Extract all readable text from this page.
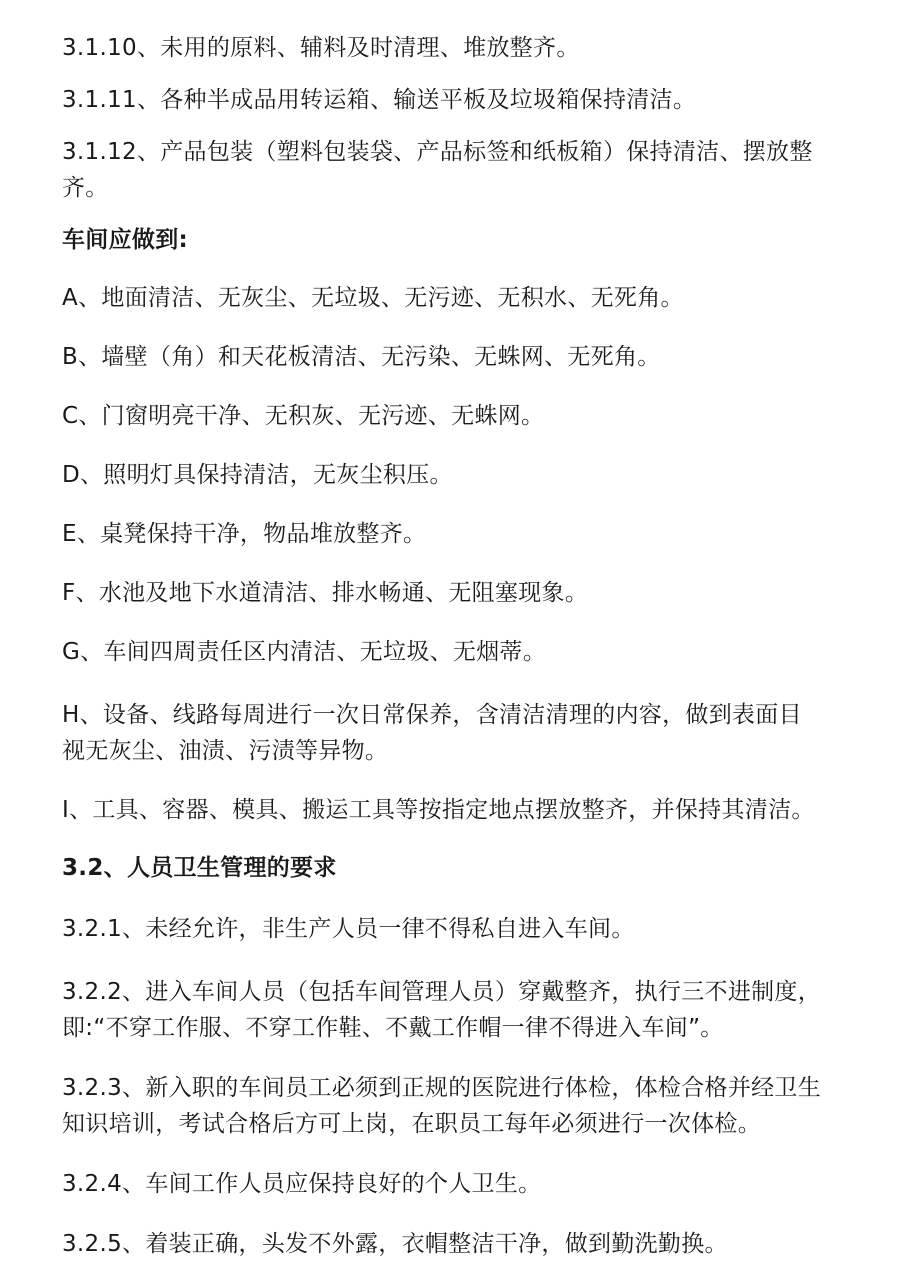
3.1.10、未用的原料、辅料及时清理、堆放整齐。
3.1.11、各种半成品用转运箱、输送平板及垃圾箱保持清洁。
3.1.12、产品包装（塑料包装袋、产品标签和纸板箱）保持清洁、摆放整
齐。
车间应做到:
A、地面清洁、无灰尘、无垃圾、无污迹、无积水、无死角。
B、墙壁（角）和天花板清洁、无污染、无蛛网、无死角。
C、门窗明亮干净、无积灰、无污迹、无蛛网。
D、照明灯具保持清洁，无灰尘积压。
E、桌凳保持干净，物品堆放整齐。
F、水池及地下水道清洁、排水畅通、无阻塞现象。
G、车间四周责任区内清洁、无垃圾、无烟蒂。
H、设备、线路每周进行一次日常保养，含清洁清理的内容，做到表面目
视无灰尘、油渍、污渍等异物。
I、工具、容器、模具、搬运工具等按指定地点摆放整齐，并保持其清洁。
3.2、人员卫生管理的要求
3.2.1、未经允许，非生产人员一律不得私自进入车间。
3.2.2、进入车间人员（包括车间管理人员）穿戴整齐，执行三不进制度，
即:“不穿工作服、不穿工作鞋、不戴工作帽一律不得进入车间”。
3.2.3、新入职的车间员工必须到正规的医院进行体检，体检合格并经卫生
知识培训，考试合格后方可上岗，在职员工每年必须进行一次体检。
3.2.4、车间工作人员应保持良好的个人卫生。
3.2.5、着装正确，头发不外露，衣帽整洁干净，做到勤洗勤换。
